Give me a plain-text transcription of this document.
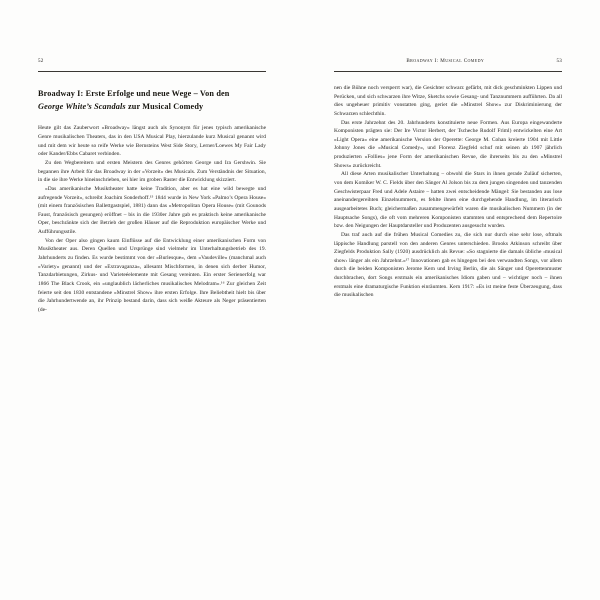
52
Broadway I: Erste Erfolge und neue Wege – Von den
George White’s Scandals zur Musical Comedy

Heute gilt das Zauberwort »Broadway« längst auch als Synonym für jenes typisch amerikanische Genre musikalischen Theaters, das in den USA Musical Play, hierzulande kurz Musical genannt wird und mit dem wir heute so reife Werke wie Bernsteins West Side Story, Lerner/Loewes My Fair Lady oder Kander/Ebbs Cabaret verbinden.

Zu den Wegbereitern und ersten Meistern des Genres gehörten George und Ira Gershwin. Sie begannen ihre Arbeit für das Broadway in der »Vorzeit« des Musicals. Zum Verständnis der Situation, in die sie ihre Werke hineinschrieben, sei hier im groben Raster die Entwicklung skizziert.

»Das amerikanische Musiktheater hatte keine Tradition, aber es hat eine wild bewegte und aufregende Vorzeit«, schreibt Joachim Sonderhoff.¹⁵ 1844 wurde in New York »Palmo’s Opera House« (mit einem französischen Ballettgastspiel, 1881) dann das »Metropolitan Opera House« (mit Gounods Faust, französisch gesungen) eröffnet – bis in die 1930er Jahre gab es praktisch keine amerikanische Oper, beschränkte sich der Betrieb der großen Häuser auf die Reproduktion europäischer Werke und Aufführungsstile.

Von der Oper also gingen kaum Einflüsse auf die Entwicklung einer amerikanischen Form von Musiktheater aus. Deren Quellen und Ursprünge sind vielmehr im Unterhaltungsbetrieb des 19. Jahrhunderts zu finden. Es wurde bestimmt von der »Burlesque«, dem »Vaudeville« (manchmal auch »Variety« genannt) und der »Extravaganza«, allesamt Mischformen, in denen sich derber Humor, Tanzdarbietungen, Zirkus- und Varieteéelemente mit Gesang vereinten. Ein erster Serienerfolg war 1866 The Black Crook, ein »unglaublich lächerliches musikalisches Melodram«.¹⁶ Zur gleichen Zeit feierte seit den 1830 entstandene »Minstrel Show« ihre ersten Erfolge. Ihre Beliebtheit hielt bis über die Jahrhundertwende an, ihr Prinzip bestand darin, dass sich weiße Akteure als Neger präsentierten (de-

Broadway I: Musical Comedy	53

nen die Bühne noch versperrt war), die Gesichter schwarz gefärbt, mit dick geschminkten Lippen und Perücken, und sich schwarzen ihre Witze, Sketchs sowie Gesang- und Tanznummern aufführten. Da all dies ungeheuer primitiv vonstatten ging, geriet die »Minstrel Show« zur Diskriminierung der Schwarzen schlechthin.

Das erste Jahrzehnt des 20. Jahrhunderts konstituierte neue Formen. Aus Europa eingewanderte Komponisten prägten sie: Der Ire Victor Herbert, der Tscheche Rudolf Friml) entwickelten eine Art »Light Opera« eine amerikanische Version der Operette: George M. Cohan kreierte 1904 mit Little Johnny Jones die »Musical Comedy«, und Florenz Ziegfeld schuf mit seinen ab 1907 jährlich produzierten »Follies« jene Form der amerikanischen Revue, die ihrerseits bis zu den »Minstrel Shows« zurückreicht.

All diese Arten musikalischer Unterhaltung – obwohl die Stars in ihnen gerade Zuläuf sicherten, von dem Komiker W. C. Fields über den Sänger Al Jolson bis zu dem jungen singenden und tanzenden Geschwisterpaar Fred und Adele Astaire – hatten zwei entscheidende Mängel: Sie bestanden aus lose aneinandergereihten Einzelnummern, es fehlte ihnen eine durchgehende Handlung, im literarisch ausgearbeitetes Buch; gleichermaßen zusammengewürfelt waren die musikalischen Nummern (in der Hauptsache Songs), die oft vom mehreren Komponisten stammten und entsprechend dem Repertoire bzw. den Neigungen der Hauptdarsteller und Produzenten ausgesucht wurden.

Das traf auch auf die frühen Musical Comedies zu, die sich nur durch eine sehr lose, oftmals läppische Handlung parstell von den anderen Genres unterschieden. Brooks Atkinson schreibt über Ziegfelds Produktion Sally (1920) ausdrücklich als Revue: »So stagnierte die damals übliche ›musical show‹ länger als ein Jahrzehnt.«¹⁷ Innovationen gab es hingegen bei den verwandten Songs, vor allem durch die beiden Komponisten Jerome Kern und Irving Berlin, die als Sänger und Operettenmuster durchbrachen, dort Songs erstmals ein amerikanisches Idiom gaben und – wichtiger noch – ihnen erstmals eine dramaturgische Funktion einräumten. Kern 1917: »Es ist meine feste Überzeugung, dass die musikalischen
